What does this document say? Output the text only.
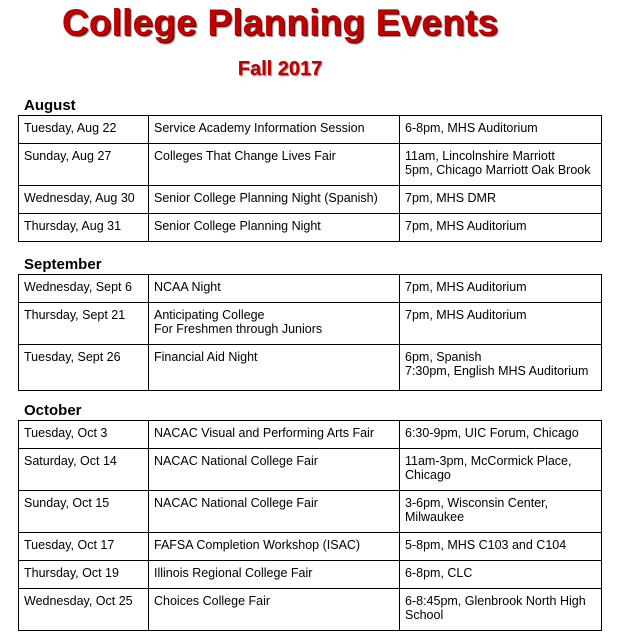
College Planning Events
Fall 2017
August
Tuesday, Aug 22	Service Academy Information Session	6-8pm, MHS Auditorium

Sunday, Aug 27	Colleges That Change Lives Fair	11am, Lincolnshire Marriott
5pm, Chicago Marriott Oak Brook

Wednesday, Aug 30	Senior College Planning Night (Spanish)	7pm, MHS DMR

Thursday, Aug 31	Senior College Planning Night	7pm, MHS Auditorium
September
Wednesday, Sept 6	NCAA Night	7pm, MHS Auditorium

Thursday, Sept 21	Anticipating College
For Freshmen through Juniors	7pm, MHS Auditorium

Tuesday, Sept 26	Financial Aid Night	6pm, Spanish
7:30pm, English MHS Auditorium
October
Tuesday, Oct 3	NACAC Visual and Performing Arts Fair	6:30-9pm, UIC Forum, Chicago

Saturday, Oct 14	NACAC National College Fair	11am-3pm, McCormick Place,
Chicago

Sunday, Oct 15	NACAC National College Fair	3-6pm, Wisconsin Center,
Milwaukee

Tuesday, Oct 17	FAFSA Completion Workshop (ISAC)	5-8pm, MHS C103 and C104

Thursday, Oct 19	Illinois Regional College Fair	6-8pm, CLC

Wednesday, Oct 25	Choices College Fair	6-8:45pm, Glenbrook North High
School
